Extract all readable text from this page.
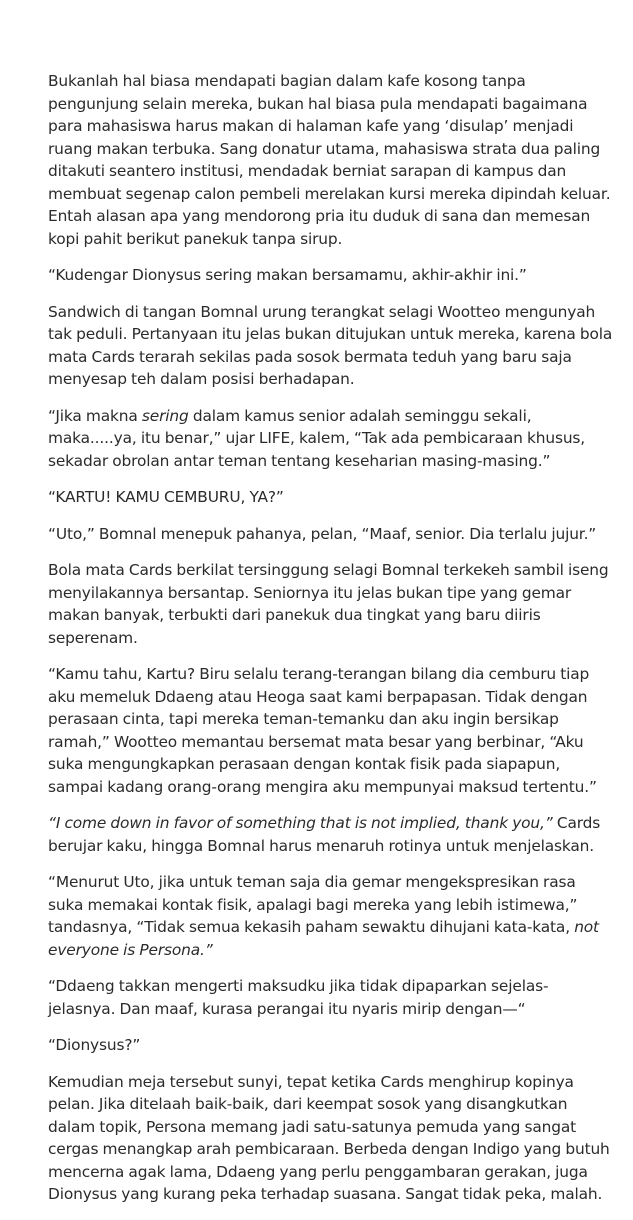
Bukanlah hal biasa mendapati bagian dalam kafe kosong tanpa pengunjung selain mereka, bukan hal biasa pula mendapati bagaimana para mahasiswa harus makan di halaman kafe yang ‘disulap’ menjadi ruang makan terbuka. Sang donatur utama, mahasiswa strata dua paling ditakuti seantero institusi, mendadak berniat sarapan di kampus dan membuat segenap calon pembeli merelakan kursi mereka dipindah keluar. Entah alasan apa yang mendorong pria itu duduk di sana dan memesan kopi pahit berikut panekuk tanpa sirup.

“Kudengar Dionysus sering makan bersamamu, akhir-akhir ini.”

Sandwich di tangan Bomnal urung terangkat selagi Wootteo mengunyah tak peduli. Pertanyaan itu jelas bukan ditujukan untuk mereka, karena bola mata Cards terarah sekilas pada sosok bermata teduh yang baru saja menyesap teh dalam posisi berhadapan.

“Jika makna sering dalam kamus senior adalah seminggu sekali, maka.....ya, itu benar,” ujar LIFE, kalem, “Tak ada pembicaraan khusus, sekadar obrolan antar teman tentang keseharian masing-masing.”

“KARTU! KAMU CEMBURU, YA?”

“Uto,” Bomnal menepuk pahanya, pelan, “Maaf, senior. Dia terlalu jujur.”

Bola mata Cards berkilat tersinggung selagi Bomnal terkekeh sambil iseng menyilakannya bersantap. Seniornya itu jelas bukan tipe yang gemar makan banyak, terbukti dari panekuk dua tingkat yang baru diiris seperenam.

“Kamu tahu, Kartu? Biru selalu terang-terangan bilang dia cemburu tiap aku memeluk Ddaeng atau Heoga saat kami berpapasan. Tidak dengan perasaan cinta, tapi mereka teman-temanku dan aku ingin bersikap ramah,” Wootteo memantau bersemat mata besar yang berbinar, “Aku suka mengungkapkan perasaan dengan kontak fisik pada siapapun, sampai kadang orang-orang mengira aku mempunyai maksud tertentu.”

“I come down in favor of something that is not implied, thank you,” Cards berujar kaku, hingga Bomnal harus menaruh rotinya untuk menjelaskan.

“Menurut Uto, jika untuk teman saja dia gemar mengekspresikan rasa suka memakai kontak fisik, apalagi bagi mereka yang lebih istimewa,” tandasnya, “Tidak semua kekasih paham sewaktu dihujani kata-kata, not everyone is Persona.”

“Ddaeng takkan mengerti maksudku jika tidak dipaparkan sejelas-jelasnya. Dan maaf, kurasa perangai itu nyaris mirip dengan—“

“Dionysus?”

Kemudian meja tersebut sunyi, tepat ketika Cards menghirup kopinya pelan. Jika ditelaah baik-baik, dari keempat sosok yang disangkutkan dalam topik, Persona memang jadi satu-satunya pemuda yang sangat cergas menangkap arah pembicaraan. Berbeda dengan Indigo yang butuh mencerna agak lama, Ddaeng yang perlu penggambaran gerakan, juga Dionysus yang kurang peka terhadap suasana. Sangat tidak peka, malah.
